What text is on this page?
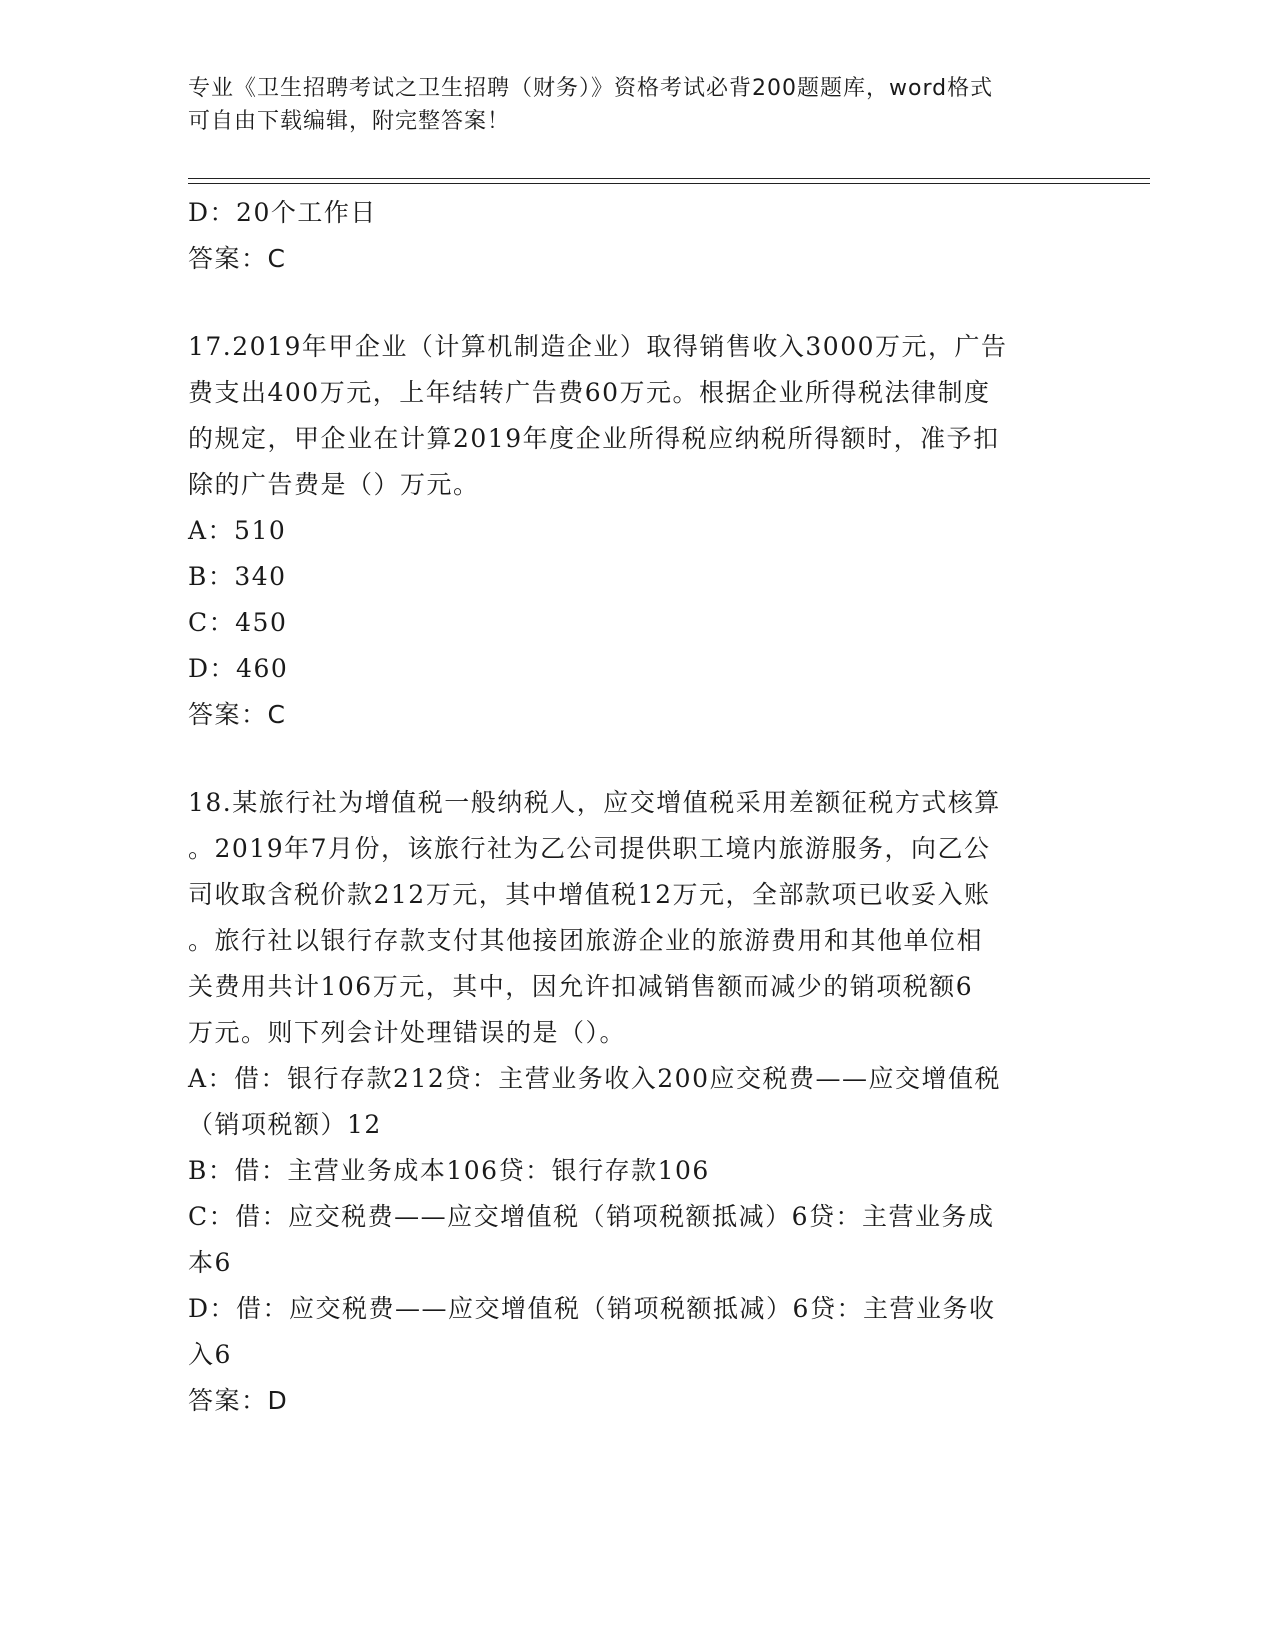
专业《卫生招聘考试之卫生招聘（财务）》资格考试必背200题题库，word格式
可自由下载编辑，附完整答案！
D：20个工作日
答案：C
17.2019年甲企业（计算机制造企业）取得销售收入3000万元，广告
费支出400万元，上年结转广告费60万元。根据企业所得税法律制度
的规定，甲企业在计算2019年度企业所得税应纳税所得额时，准予扣
除的广告费是（）万元。
A：510
B：340
C：450
D：460
答案：C
18.某旅行社为增值税一般纳税人，应交增值税采用差额征税方式核算
。2019年7月份，该旅行社为乙公司提供职工境内旅游服务，向乙公
司收取含税价款212万元，其中增值税12万元，全部款项已收妥入账
。旅行社以银行存款支付其他接团旅游企业的旅游费用和其他单位相
关费用共计106万元，其中，因允许扣减销售额而减少的销项税额6
万元。则下列会计处理错误的是（）。
A：借：银行存款212贷：主营业务收入200应交税费——应交增值税
（销项税额）12
B：借：主营业务成本106贷：银行存款106
C：借：应交税费——应交增值税（销项税额抵减）6贷：主营业务成
本6
D：借：应交税费——应交增值税（销项税额抵减）6贷：主营业务收
入6
答案：D
